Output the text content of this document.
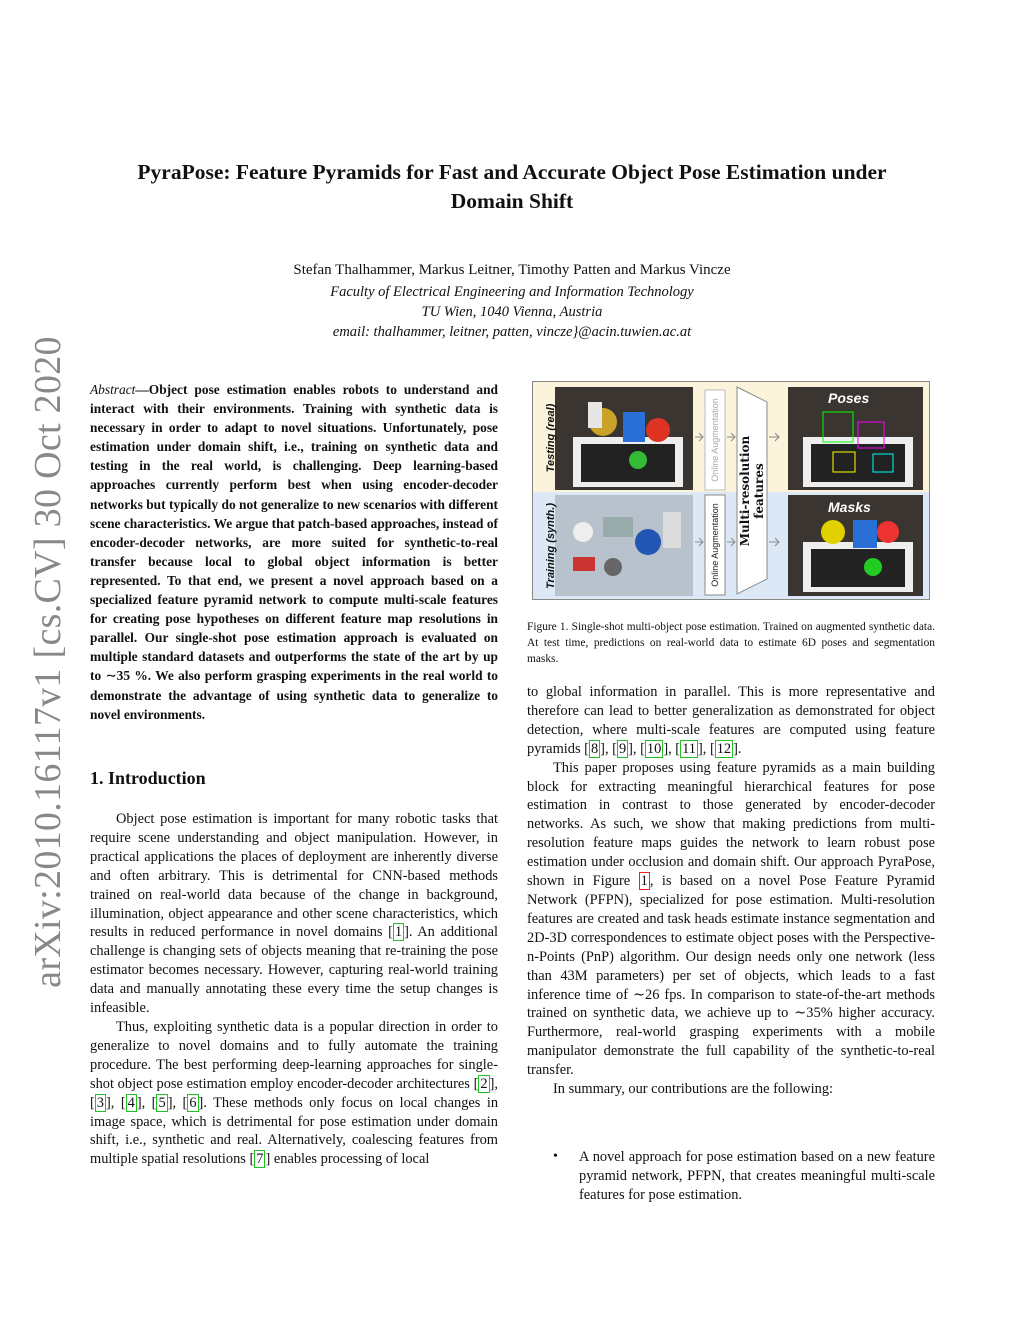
arXiv:2010.16117v1 [cs.CV] 30 Oct 2020
PyraPose: Feature Pyramids for Fast and Accurate Object Pose Estimation under
Domain Shift
Stefan Thalhammer, Markus Leitner, Timothy Patten and Markus Vincze
Faculty of Electrical Engineering and Information Technology
TU Wien, 1040 Vienna, Austria
email: thalhammer, leitner, patten, vincze}@acin.tuwien.ac.at
Abstract—Object pose estimation enables robots to understand and interact with their environments. Training with synthetic data is necessary in order to adapt to novel situations. Unfortunately, pose estimation under domain shift, i.e., training on synthetic data and testing in the real world, is challenging. Deep learning-based approaches currently perform best when using encoder-decoder networks but typically do not generalize to new scenarios with different scene characteristics. We argue that patch-based approaches, instead of encoder-decoder networks, are more suited for synthetic-to-real transfer because local to global object information is better represented. To that end, we present a novel approach based on a specialized feature pyramid network to compute multi-scale features for creating pose hypotheses on different feature map resolutions in parallel. Our single-shot pose estimation approach is evaluated on multiple standard datasets and outperforms the state of the art by up to ∼35 %. We also perform grasping experiments in the real world to demonstrate the advantage of using synthetic data to generalize to novel environments.
1. Introduction

Object pose estimation is important for many robotic tasks that require scene understanding and object manipulation. However, in practical applications the places of deployment are inherently diverse and often arbitrary. This is detrimental for CNN-based methods trained on real-world data because of the change in background, illumination, object appearance and other scene characteristics, which results in reduced performance in novel domains [ 1 ]. An additional challenge is changing sets of objects meaning that re-training the pose estimator becomes necessary. However, capturing real-world training data and manually annotating these every time the setup changes is infeasible.

Thus, exploiting synthetic data is a popular direction in order to generalize to novel domains and to fully automate the training procedure. The best performing deep-learning approaches for single-shot object pose estimation employ encoder-decoder architectures [ 2 ], [ 3 ], [ 4 ], [ 5 ], [ 6 ]. These methods only focus on local changes in image space, which is detrimental for pose estimation under domain shift, i.e., synthetic and real. Alternatively, coalescing features from multiple spatial resolutions [ 7 ] enables processing of local

Testing (real)
Training (synth.)
Online Augmentation
Online Augmentation Multi-resolution features
Poses
Masks
Figure 1. Single-shot multi-object pose estimation. Trained on augmented synthetic data. At test time, predictions on real-world data to estimate 6D poses and segmentation masks.

to global information in parallel. This is more representative and therefore can lead to better generalization as demonstrated for object detection, where multi-scale features are computed using feature pyramids [ 8 ], [ 9 ], [ 10 ], [ 11 ], [ 12 ].

This paper proposes using feature pyramids as a main building block for extracting meaningful hierarchical features for pose estimation in contrast to those generated by encoder-decoder networks. As such, we show that making predictions from multi-resolution feature maps guides the network to learn robust pose estimation under occlusion and domain shift. Our approach PyraPose, shown in Figure 1 , is based on a novel Pose Feature Pyramid Network (PFPN), specialized for pose estimation. Multi-resolution features are created and task heads estimate instance segmentation and 2D-3D correspondences to estimate object poses with the Perspective-n-Points (PnP) algorithm. Our design needs only one network (less than 43M parameters) per set of objects, which leads to a fast inference time of ∼26 fps. In comparison to state-of-the-art methods trained on synthetic data, we achieve up to ∼35% higher accuracy. Furthermore, real-world grasping experiments with a mobile manipulator demonstrate the full capability of the synthetic-to-real transfer.

In summary, our contributions are the following:

• A novel approach for pose estimation based on a new feature pyramid network, PFPN, that creates meaningful multi-scale features for pose estimation.
